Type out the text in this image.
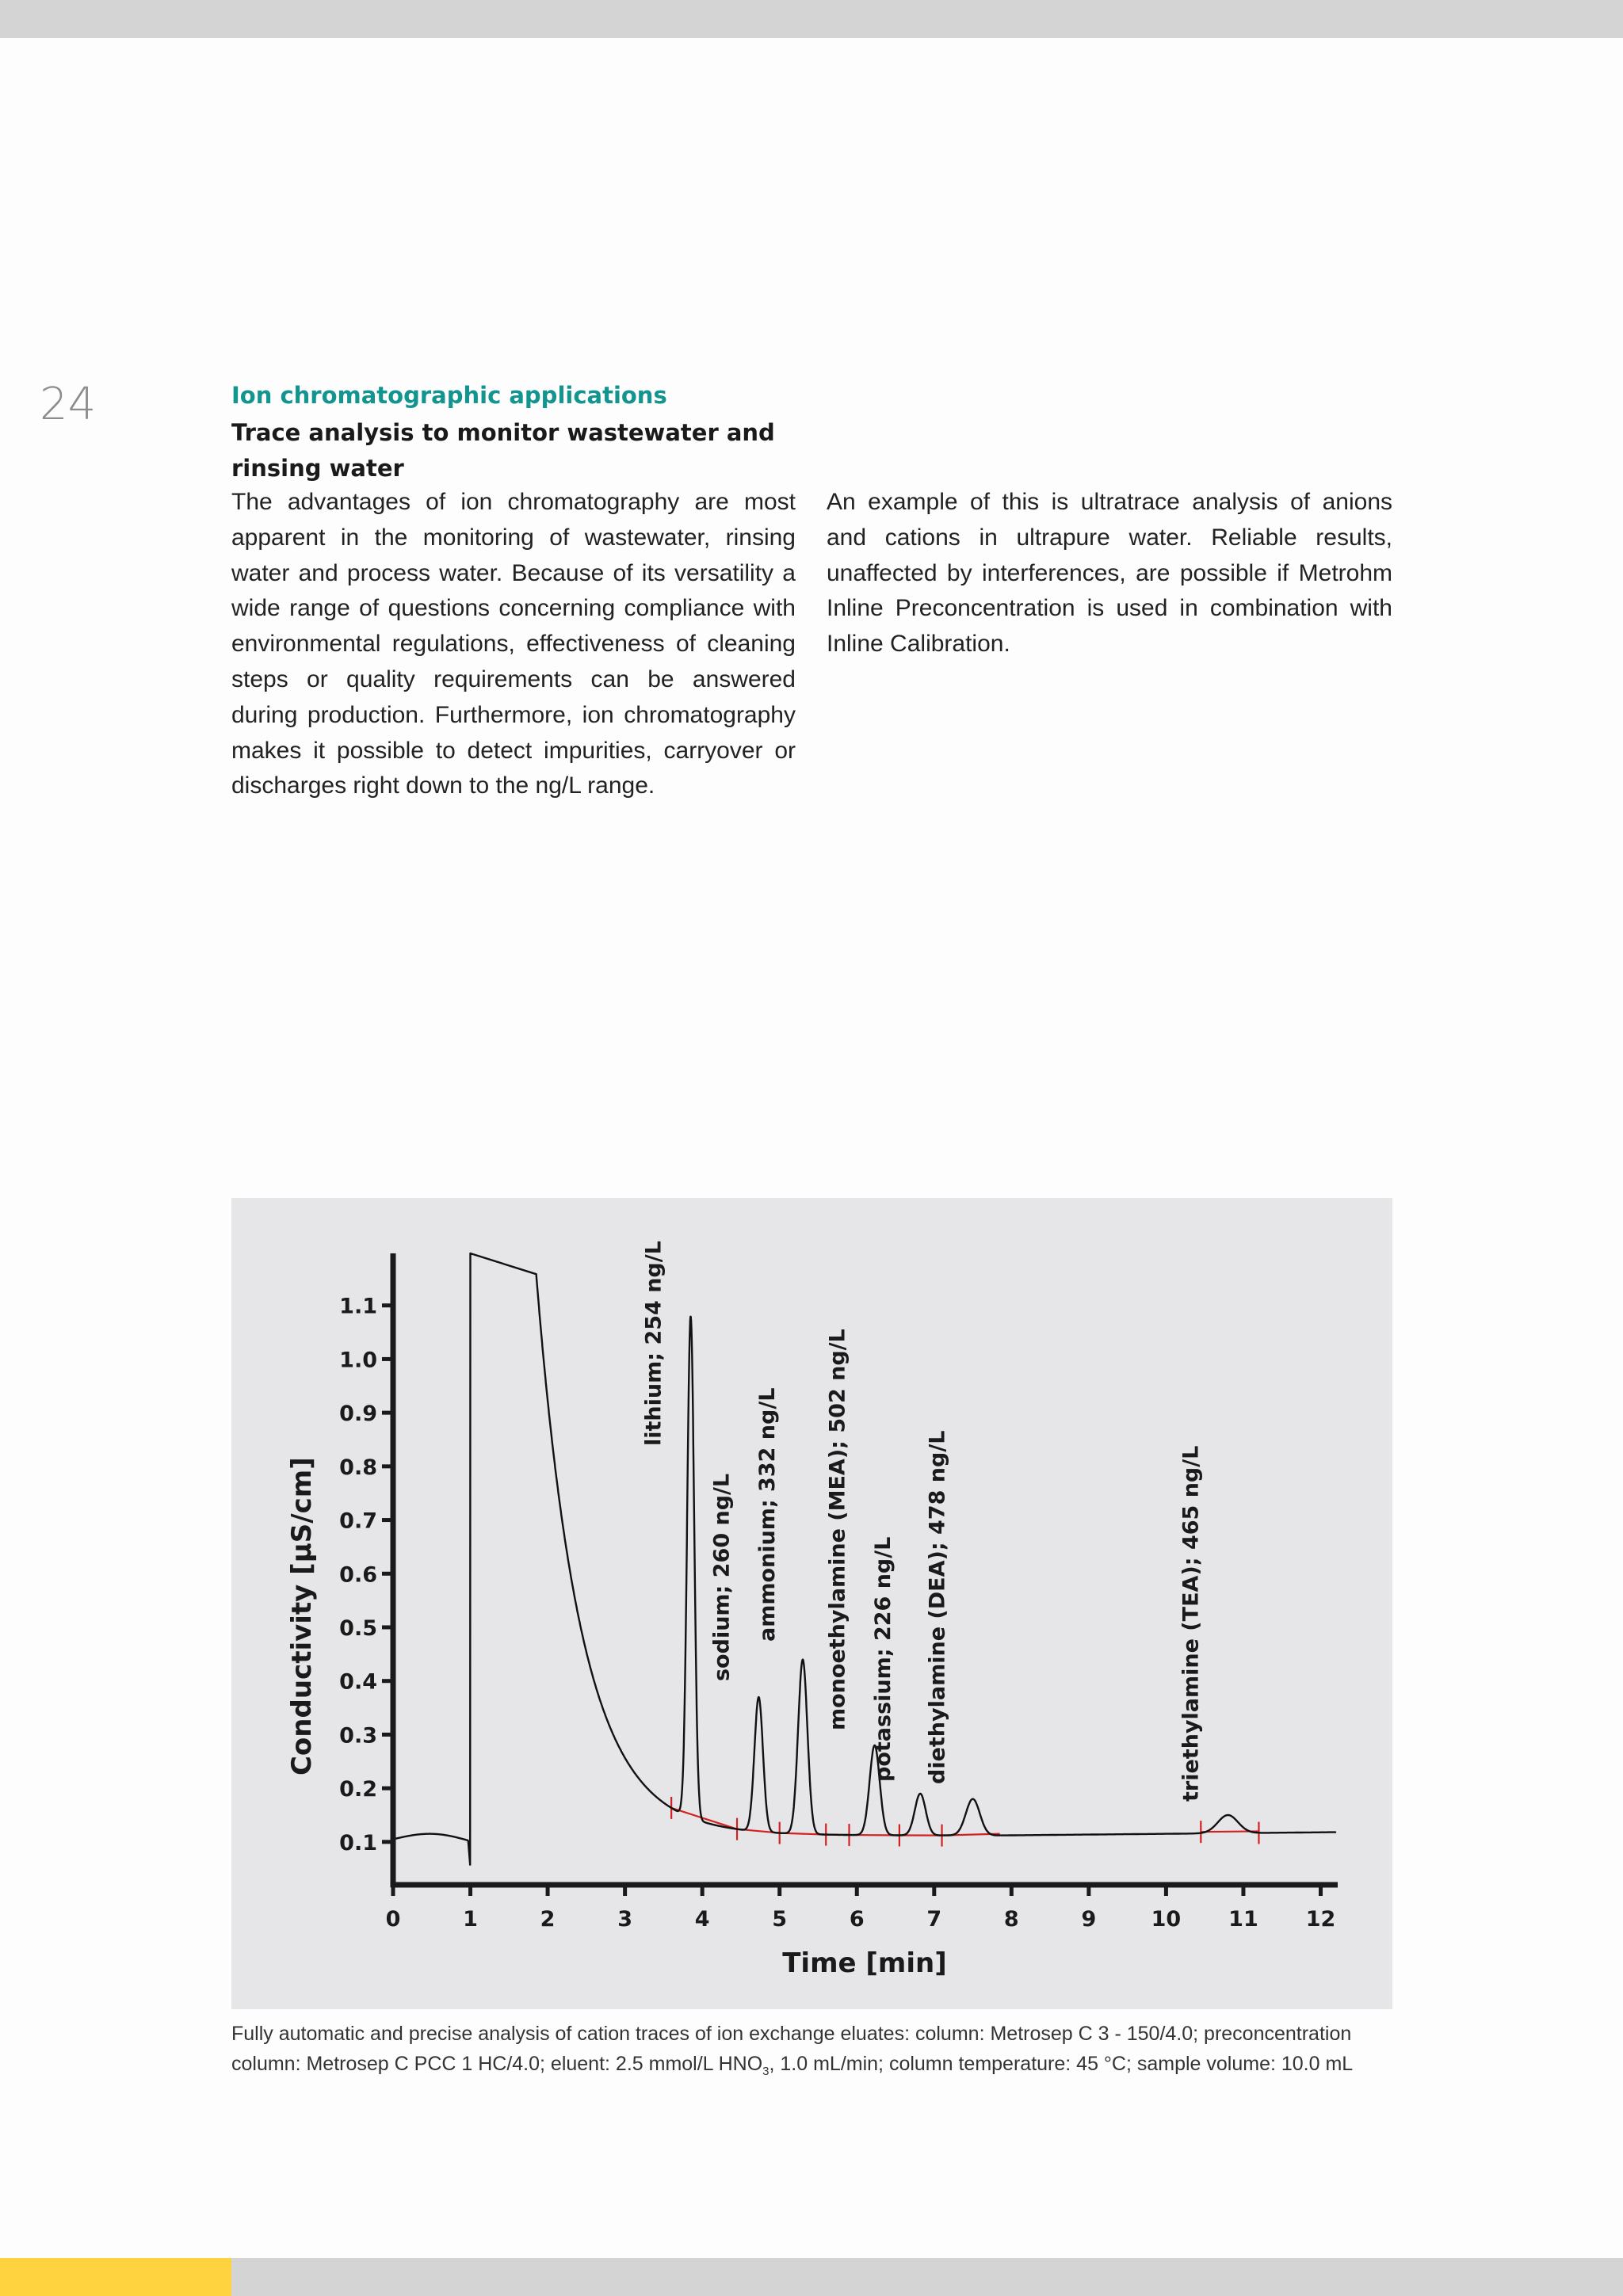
24	Ion chromatographic applications
Trace analysis to monitor wastewater and rinsing water
The advantages of ion chromatography are most apparent in the monitoring of wastewater, rinsing water and process water. Because of its versatility a wide range of questions concerning compliance with environmental regulations, effectiveness of cleaning steps or quality requirements can be answered during production. Furthermore, ion chromatography makes it possible to detect impurities, carryover or discharges right down to the ng/L range.
An example of this is ultratrace analysis of anions and cations in ultrapure water. Reliable results, unaffected by interferences, are possible if Metrohm Inline Preconcentration is used in combination with Inline Calibration.
0	1	2	3	4	5	6	7	8	9	10 11 12
0.1
0.2
0.3
0.4
0.5
0.6
0.7
0.8
0.9
1.0
1.1	lithium; 254 ng/L
sodium; 260 ng/L ammonium; 332 ng/L monoethylamine (MEA); 502 ng/L potassium; 226 ng/L diethylamine (DEA); 478 ng/L	triethylamine (TEA); 465 ng/L
Time [min]
Conductivity [µS/cm]
Fully automatic and precise analysis of cation traces of ion exchange eluates: column: Metrosep C 3 - 150/4.0; preconcentration column: Metrosep C PCC 1 HC/4.0; eluent: 2.5 mmol/L $HNO_3$, 1.0 mL/min; column temperature: 45 °C; sample volume: 10.0 mL
